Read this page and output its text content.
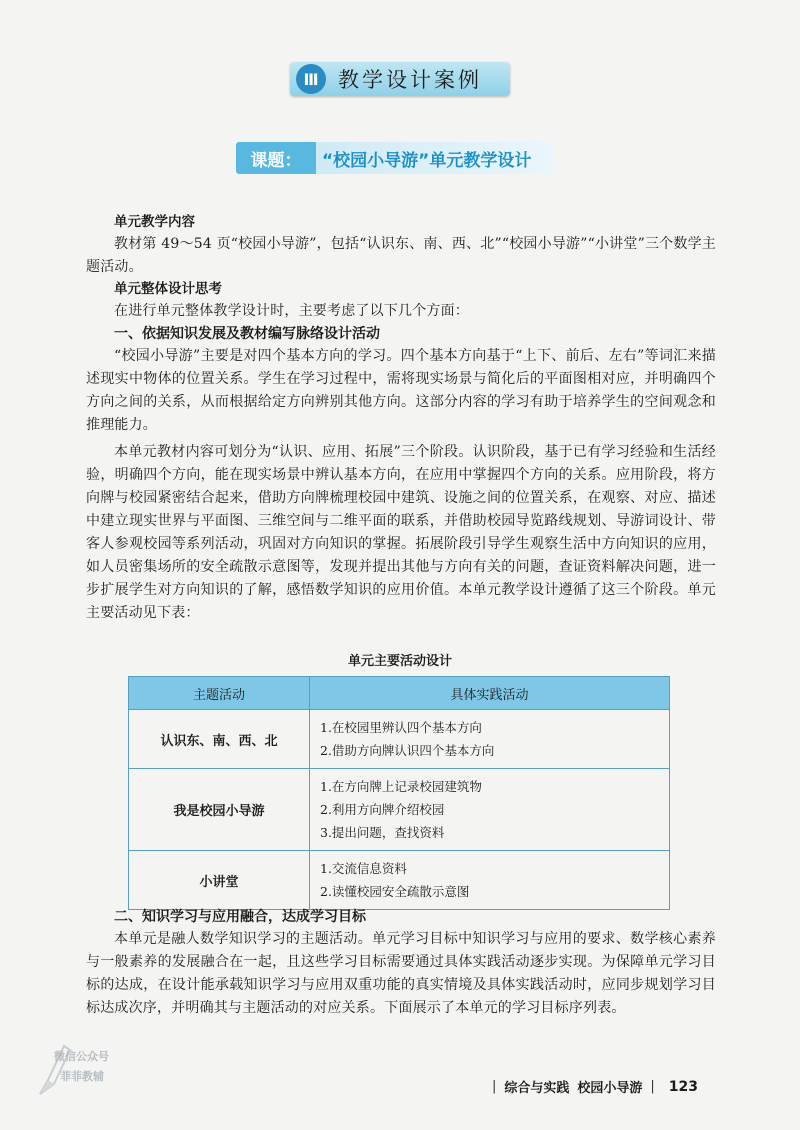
Ⅲ 教学设计案例
课题：	“校园小导游”单元教学设计

单元教学内容

教材第 49～54 页“校园小导游”，包括“认识东、南、西、北”“校园小导游”“小讲堂”三个数学主题活动。

单元整体设计思考

在进行单元整体教学设计时，主要考虑了以下几个方面：

一、依据知识发展及教材编写脉络设计活动

“校园小导游”主要是对四个基本方向的学习。四个基本方向基于“上下、前后、左右”等词汇来描述现实中物体的位置关系。学生在学习过程中，需将现实场景与简化后的平面图相对应，并明确四个方向之间的关系，从而根据给定方向辨别其他方向。这部分内容的学习有助于培养学生的空间观念和推理能力。

本单元教材内容可划分为“认识、应用、拓展”三个阶段。认识阶段，基于已有学习经验和生活经验，明确四个方向，能在现实场景中辨认基本方向，在应用中掌握四个方向的关系。应用阶段，将方向牌与校园紧密结合起来，借助方向牌梳理校园中建筑、设施之间的位置关系，在观察、对应、描述中建立现实世界与平面图、三维空间与二维平面的联系，并借助校园导览路线规划、导游词设计、带客人参观校园等系列活动，巩固对方向知识的掌握。拓展阶段引导学生观察生活中方向知识的应用，如人员密集场所的安全疏散示意图等，发现并提出其他与方向有关的问题，查证资料解决问题，进一步扩展学生对方向知识的了解，感悟数学知识的应用价值。本单元教学设计遵循了这三个阶段。单元主要活动见下表：

单元主要活动设计
主题活动	具体实践活动
认识东、南、西、北	1.在校园里辨认四个基本方向
2.借助方向牌认识四个基本方向

我是校园小导游	1.在方向牌上记录校园建筑物
2.利用方向牌介绍校园
3.提出问题，查找资料

小讲堂	1.交流信息资料
2.读懂校园安全疏散示意图

二、知识学习与应用融合，达成学习目标

本单元是融人数学知识学习的主题活动。单元学习目标中知识学习与应用的要求、数学核心素养与一般素养的发展融合在一起，且这些学习目标需要通过具体实践活动逐步实现。为保障单元学习目标的达成，在设计能承载知识学习与应用双重功能的真实情境及具体实践活动时，应同步规划学习目标达成次序，并明确其与主题活动的对应关系。下面展示了本单元的学习目标序列表。

微信公众号
菲菲教辅
| 综合与实践 校园小导游 | 123
